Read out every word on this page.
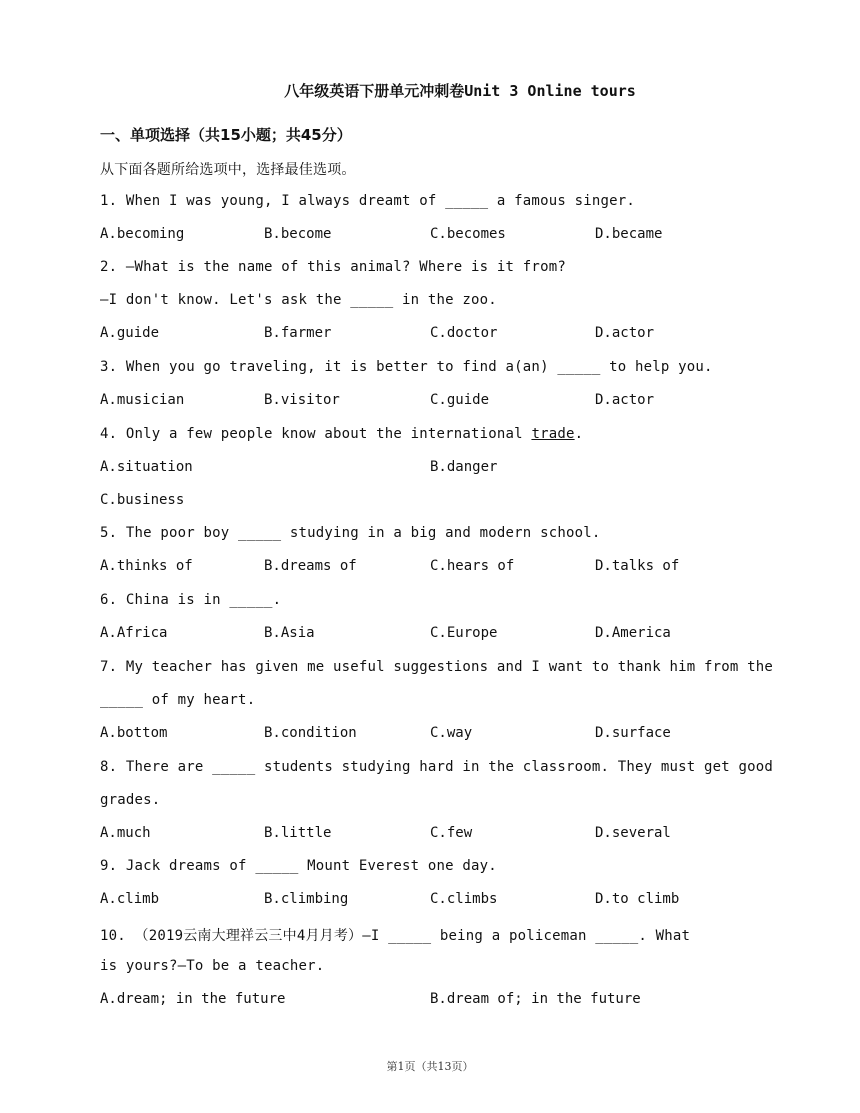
八年级英语下册单元冲刺卷Unit 3 Online tours
一、单项选择（共15小题；共45分）
从下面各题所给选项中，选择最佳选项。
1. When I was young, I always dreamt of _____ a famous singer.
A.becoming	B.become	C.becomes	D.became
2. —What is the name of this animal? Where is it from?
—I don't know. Let's ask the _____ in the zoo.
A.guide	B.farmer	C.doctor	D.actor
3. When you go traveling, it is better to find a(an) _____ to help you.
A.musician	B.visitor	C.guide	D.actor
4. Only a few people know about the international trade.
A.situation	B.danger
C.business
5. The poor boy _____ studying in a big and modern school.
A.thinks of	B.dreams of	C.hears of	D.talks of
6. China is in _____.
A.Africa	B.Asia	C.Europe	D.America
7. My teacher has given me useful suggestions and I want to thank him from the
_____ of my heart.
A.bottom	B.condition	C.way	D.surface
8. There are _____ students studying hard in the classroom. They must get good
grades.
A.much	B.little	C.few	D.several
9. Jack dreams of _____ Mount Everest one day.
A.climb	B.climbing	C.climbs	D.to climb
10. （2019云南大理祥云三中4月月考）—I _____ being a policeman _____. What
is yours?—To be a teacher.
A.dream; in the future	B.dream of; in the future
第1页（共13页）
